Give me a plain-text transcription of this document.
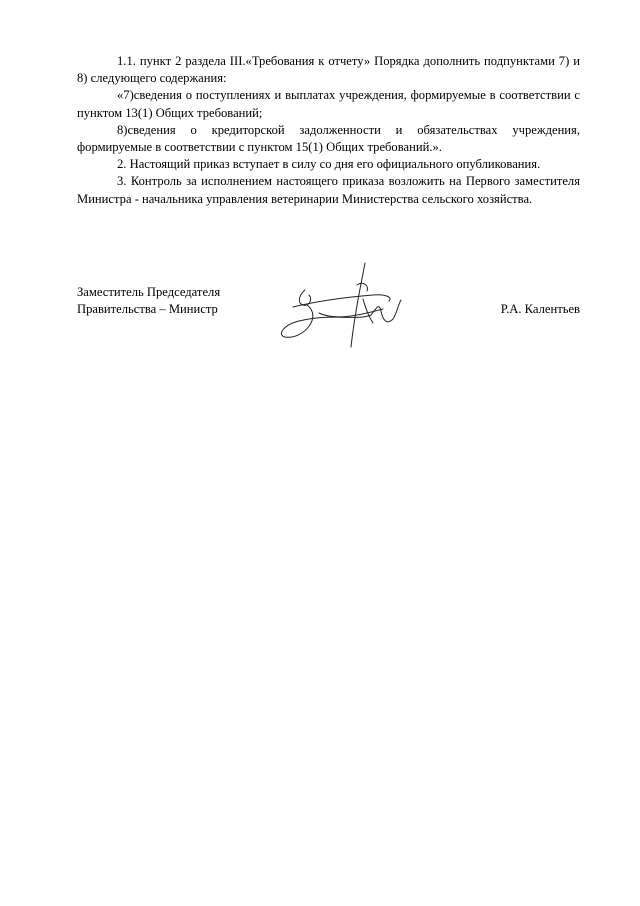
1.1. пункт 2 раздела III.«Требования к отчету» Порядка дополнить подпунктами 7) и 8) следующего содержания:

«7)сведения о поступлениях и выплатах учреждения, формируемые в соответствии с пунктом 13(1) Общих требований;

8)сведения о кредиторской задолженности и обязательствах учреждения, формируемые в соответствии с пунктом 15(1) Общих требований.».

2. Настоящий приказ вступает в силу со дня его официального опубликования.

3. Контроль за исполнением настоящего приказа возложить на Первого заместителя Министра - начальника управления ветеринарии Министерства сельского хозяйства.

Заместитель Председателя
Правительства – Министр	Р.А. Калентьев
